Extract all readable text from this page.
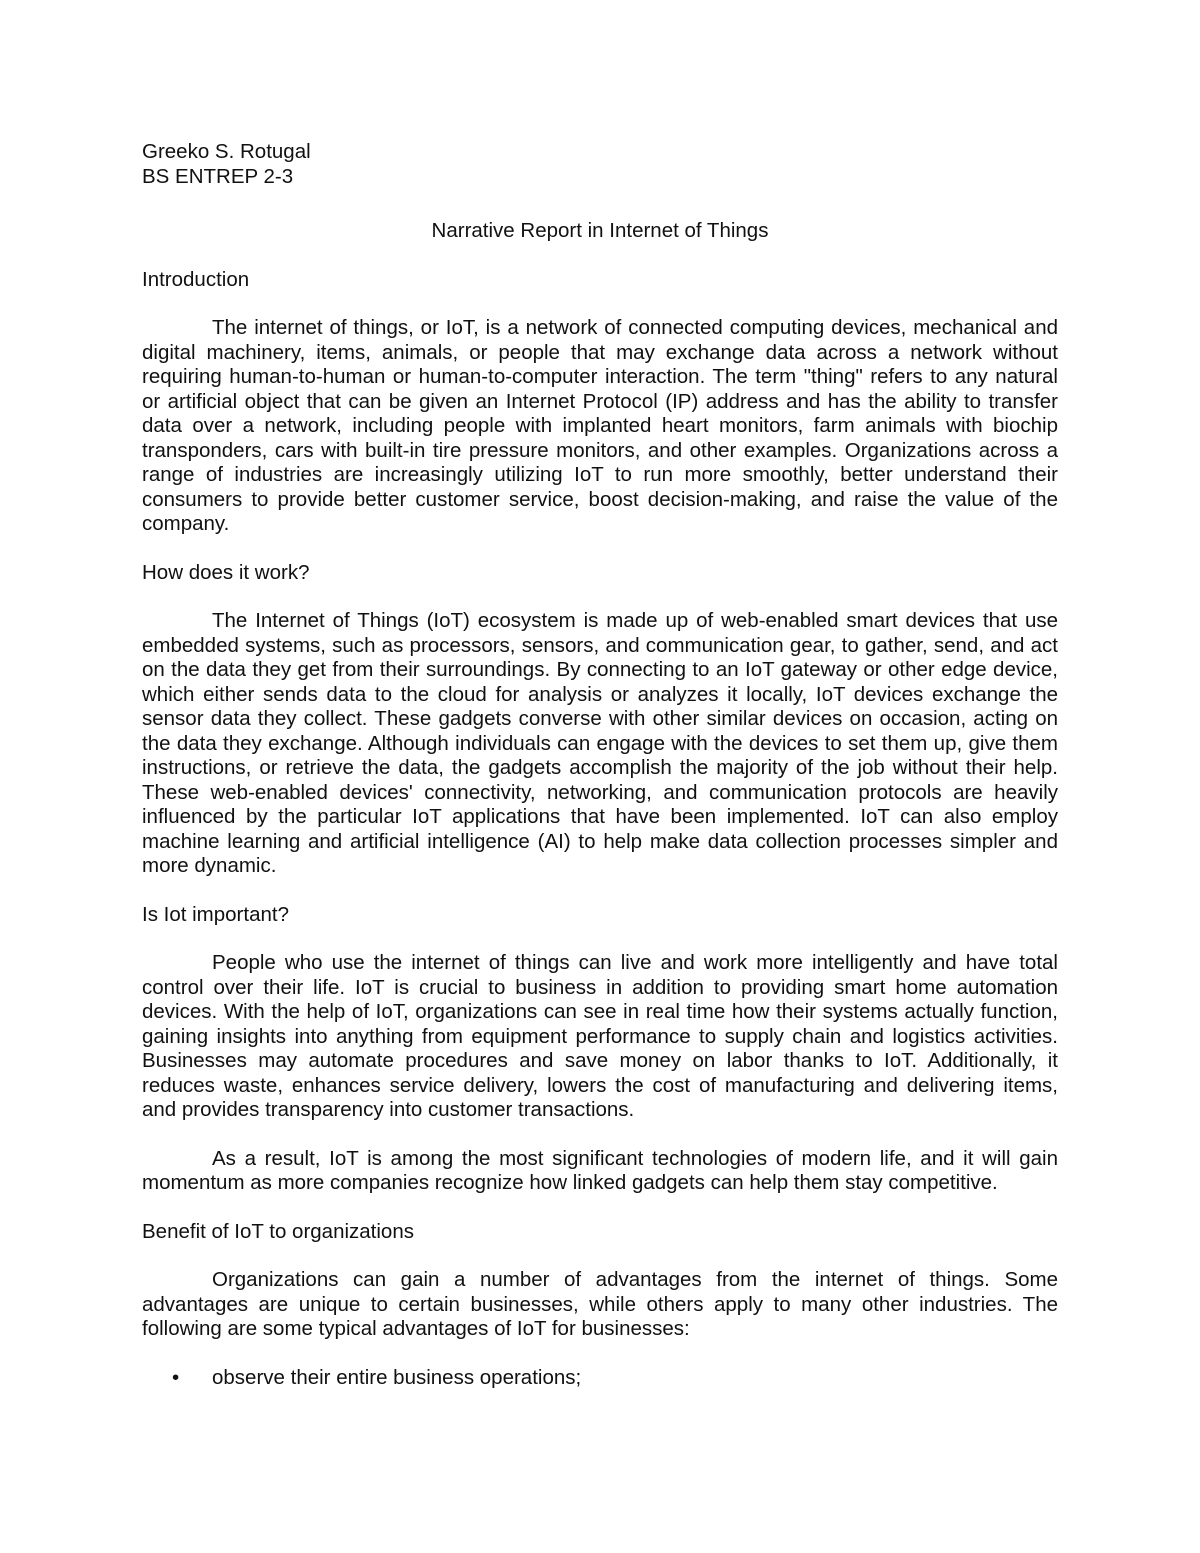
Greeko S. Rotugal
BS ENTREP 2-3
Narrative Report in Internet of Things
Introduction
The internet of things, or IoT, is a network of connected computing devices, mechanical and digital machinery, items, animals, or people that may exchange data across a network without requiring human-to-human or human-to-computer interaction. The term "thing" refers to any natural or artificial object that can be given an Internet Protocol (IP) address and has the ability to transfer data over a network, including people with implanted heart monitors, farm animals with biochip transponders, cars with built-in tire pressure monitors, and other examples. Organizations across a range of industries are increasingly utilizing IoT to run more smoothly, better understand their consumers to provide better customer service, boost decision-making, and raise the value of the company.
How does it work?
The Internet of Things (IoT) ecosystem is made up of web-enabled smart devices that use embedded systems, such as processors, sensors, and communication gear, to gather, send, and act on the data they get from their surroundings. By connecting to an IoT gateway or other edge device, which either sends data to the cloud for analysis or analyzes it locally, IoT devices exchange the sensor data they collect. These gadgets converse with other similar devices on occasion, acting on the data they exchange. Although individuals can engage with the devices to set them up, give them instructions, or retrieve the data, the gadgets accomplish the majority of the job without their help. These web-enabled devices' connectivity, networking, and communication protocols are heavily influenced by the particular IoT applications that have been implemented. IoT can also employ machine learning and artificial intelligence (AI) to help make data collection processes simpler and more dynamic.
Is Iot important?
People who use the internet of things can live and work more intelligently and have total control over their life. IoT is crucial to business in addition to providing smart home automation devices. With the help of IoT, organizations can see in real time how their systems actually function, gaining insights into anything from equipment performance to supply chain and logistics activities. Businesses may automate procedures and save money on labor thanks to IoT. Additionally, it reduces waste, enhances service delivery, lowers the cost of manufacturing and delivering items, and provides transparency into customer transactions.
As a result, IoT is among the most significant technologies of modern life, and it will gain momentum as more companies recognize how linked gadgets can help them stay competitive.
Benefit of IoT to organizations
Organizations can gain a number of advantages from the internet of things. Some advantages are unique to certain businesses, while others apply to many other industries. The following are some typical advantages of IoT for businesses:
• observe their entire business operations;
